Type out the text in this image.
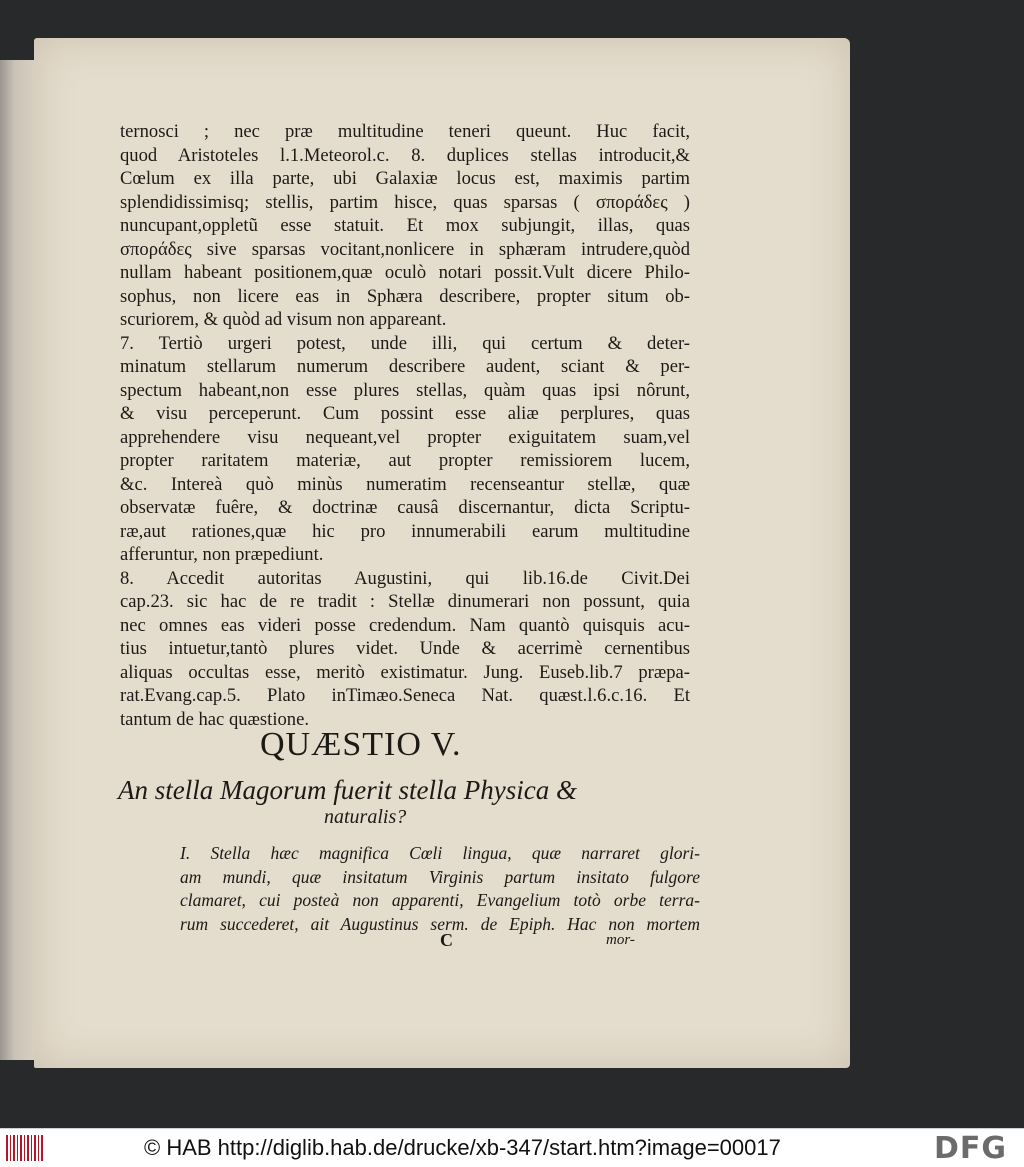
ternosci ; nec præ multitudine teneri queunt. Huc facit,
quod Aristoteles l.1.Meteorol.c. 8. duplices stellas introducit,&
Cœlum ex illa parte, ubi Galaxiæ locus est, maximis partim
splendidissimisq; stellis, partim hisce, quas sparsas ( σποράδες )
nuncupant,oppletũ esse statuit. Et mox subjungit, illas, quas
σποράδες sive sparsas vocitant,nonlicere in sphæram intrudere,quòd
nullam habeant positionem,quæ oculò notari possit.Vult dicere Philo-
sophus, non licere eas in Sphæra describere, propter situm ob-
scuriorem, & quòd ad visum non appareant.
7. Tertiò urgeri potest, unde illi, qui certum & deter-
minatum stellarum numerum describere audent, sciant & per-
spectum habeant,non esse plures stellas, quàm quas ipsi nôrunt,
& visu perceperunt. Cum possint esse aliæ perplures, quas
apprehendere visu nequeant,vel propter exiguitatem suam,vel
propter raritatem materiæ, aut propter remissiorem lucem,
&c. Intereà quò minùs numeratim recenseantur stellæ, quæ
observatæ fuêre, & doctrinæ causâ discernantur, dicta Scriptu-
ræ,aut rationes,quæ hic pro innumerabili earum multitudine
afferuntur, non præpediunt.
8. Accedit autoritas Augustini, qui lib.16.de Civit.Dei
cap.23. sic hac de re tradit : Stellæ dinumerari non possunt, quia
nec omnes eas videri posse credendum. Nam quantò quisquis acu-
tius intuetur,tantò plures videt. Unde & acerrimè cernentibus
aliquas occultas esse, meritò existimatur. Jung. Euseb.lib.7 præpa-
rat.Evang.cap.5. Plato inTimæo.Seneca Nat. quæst.l.6.c.16. Et
tantum de hac quæstione.
QUÆSTIO V.
An stella Magorum fuerit stella Physica &
naturalis?
I. Stella hæc magnifica Cœli lingua, quæ narraret glori-
am mundi, quæ insitatum Virginis partum insitato fulgore
clamaret, cui posteà non apparenti, Evangelium totò orbe terra-
rum succederet, ait Augustinus serm. de Epiph. Hac non mortem
C	mor-
© HAB http://diglib.hab.de/drucke/xb-347/start.htm?image=00017	DFG
